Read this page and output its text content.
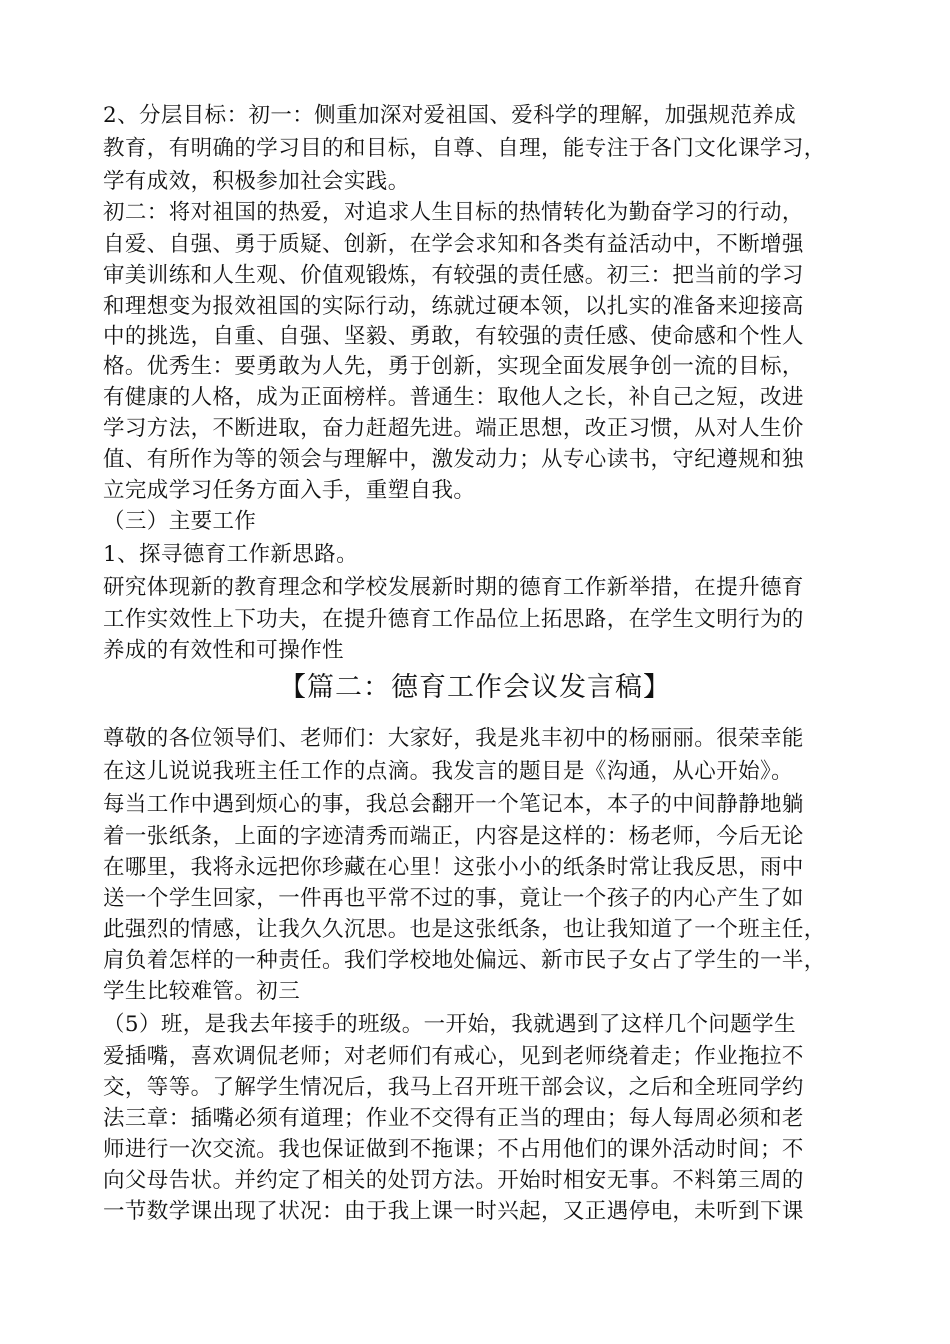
2、分层目标：初一：侧重加深对爱祖国、爱科学的理解，加强规范养成
教育，有明确的学习目的和目标，自尊、自理，能专注于各门文化课学习，
学有成效，积极参加社会实践。
初二：将对祖国的热爱，对追求人生目标的热情转化为勤奋学习的行动，
自爱、自强、勇于质疑、创新，在学会求知和各类有益活动中，不断增强
审美训练和人生观、价值观锻炼，有较强的责任感。初三：把当前的学习
和理想变为报效祖国的实际行动，练就过硬本领，以扎实的准备来迎接高
中的挑选，自重、自强、坚毅、勇敢，有较强的责任感、使命感和个性人
格。优秀生：要勇敢为人先，勇于创新，实现全面发展争创一流的目标，
有健康的人格，成为正面榜样。普通生：取他人之长，补自己之短，改进
学习方法，不断进取，奋力赶超先进。端正思想，改正习惯，从对人生价
值、有所作为等的领会与理解中，激发动力；从专心读书，守纪遵规和独
立完成学习任务方面入手，重塑自我。
（三）主要工作
1、探寻德育工作新思路。
研究体现新的教育理念和学校发展新时期的德育工作新举措，在提升德育
工作实效性上下功夫，在提升德育工作品位上拓思路，在学生文明行为的
养成的有效性和可操作性
【篇二：德育工作会议发言稿】
尊敬的各位领导们、老师们：大家好，我是兆丰初中的杨丽丽。很荣幸能
在这儿说说我班主任工作的点滴。我发言的题目是《沟通，从心开始》。
每当工作中遇到烦心的事，我总会翻开一个笔记本，本子的中间静静地躺
着一张纸条，上面的字迹清秀而端正，内容是这样的：杨老师，今后无论
在哪里，我将永远把你珍藏在心里！这张小小的纸条时常让我反思，雨中
送一个学生回家，一件再也平常不过的事，竟让一个孩子的内心产生了如
此强烈的情感，让我久久沉思。也是这张纸条，也让我知道了一个班主任，
肩负着怎样的一种责任。我们学校地处偏远、新市民子女占了学生的一半，
学生比较难管。初三
（5）班，是我去年接手的班级。一开始，我就遇到了这样几个问题学生
爱插嘴，喜欢调侃老师；对老师们有戒心，见到老师绕着走；作业拖拉不
交，等等。了解学生情况后，我马上召开班干部会议，之后和全班同学约
法三章：插嘴必须有道理；作业不交得有正当的理由；每人每周必须和老
师进行一次交流。我也保证做到不拖课；不占用他们的课外活动时间；不
向父母告状。并约定了相关的处罚方法。开始时相安无事。不料第三周的
一节数学课出现了状况：由于我上课一时兴起，又正遇停电，未听到下课
